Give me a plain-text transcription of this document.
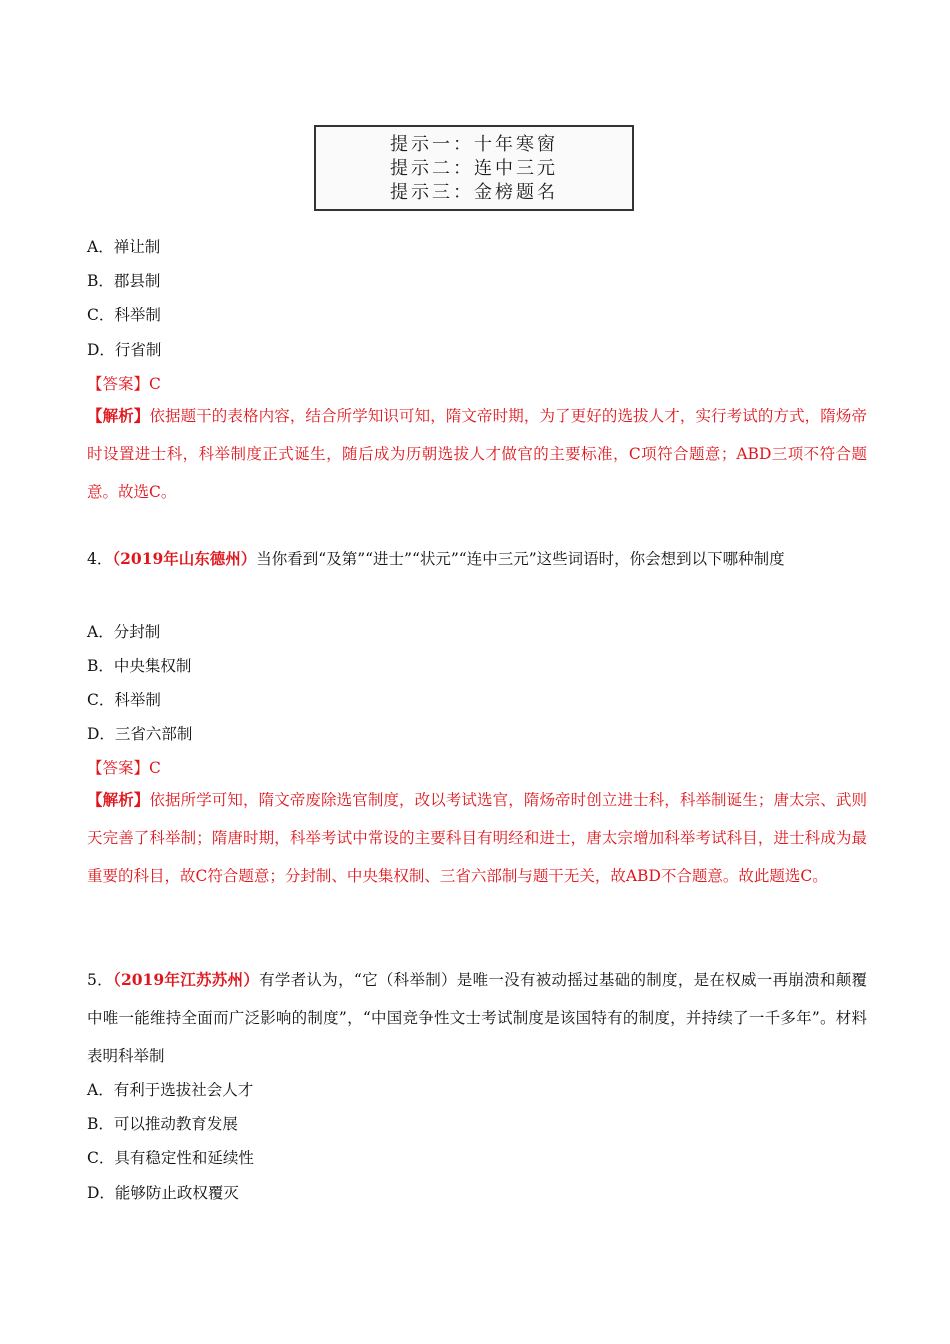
提示一：十年寒窗
提示二：连中三元
提示三：金榜题名
A．禅让制
B．郡县制
C．科举制
D．行省制
【答案】C
【解析】依据题干的表格内容，结合所学知识可知，隋文帝时期，为了更好的选拔人才，实行考试的方式，隋炀帝时设置进士科，科举制度正式诞生，随后成为历朝选拔人才做官的主要标准，C项符合题意；ABD三项不符合题意。故选C。
4．（2019年山东德州）当你看到“及第”“进士”“状元”“连中三元”这些词语时，你会想到以下哪种制度
A．分封制
B．中央集权制
C．科举制
D．三省六部制
【答案】C
【解析】依据所学可知，隋文帝废除选官制度，改以考试选官，隋炀帝时创立进士科，科举制诞生；唐太宗、武则天完善了科举制；隋唐时期，科举考试中常设的主要科目有明经和进士，唐太宗增加科举考试科目，进士科成为最重要的科目，故C符合题意；分封制、中央集权制、三省六部制与题干无关，故ABD不合题意。故此题选C。
5．（2019年江苏苏州）有学者认为，“它（科举制）是唯一没有被动摇过基础的制度，是在权威一再崩溃和颠覆中唯一能维持全面而广泛影响的制度”，“中国竞争性文士考试制度是该国特有的制度，并持续了一千多年”。材料表明科举制
A．有利于选拔社会人才
B．可以推动教育发展
C．具有稳定性和延续性
D．能够防止政权覆灭
